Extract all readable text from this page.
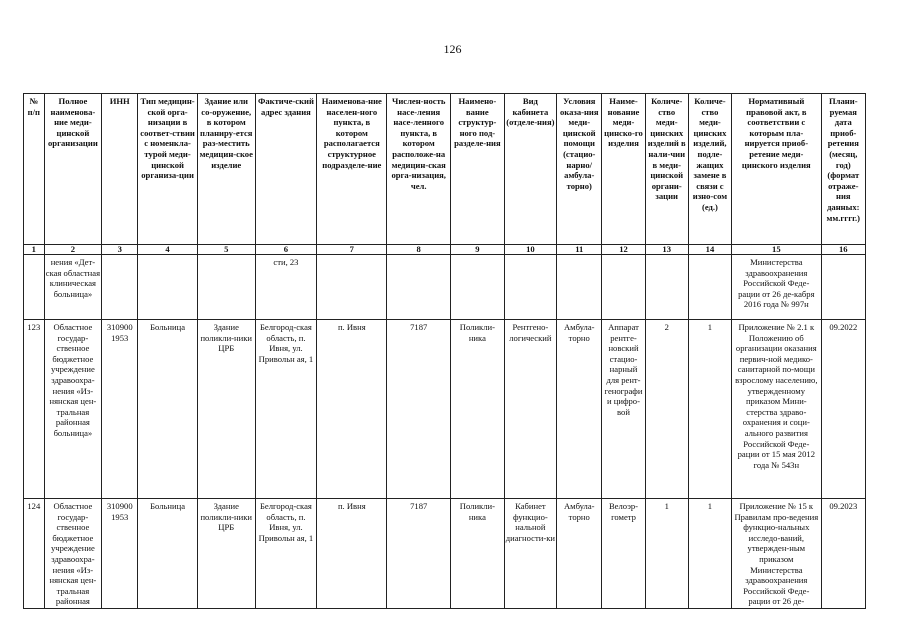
126
№ п/п	Полное наименова-ние меди-цинской организации	ИНН	Тип медицин-ской орга-низации в соответ-ствии с номенкла-турой меди-цинской организа-ции	Здание или со-оружение, в котором планиру-ется раз-местить медицин-ское изделие	Фактиче-ский адрес здания	Наименова-ние населен-ного пункта, в котором располагается структурное подразделе-ние	Числен-ность насе-ления насе-ленного пункта, в котором расположе-на медицин-ская орга-низация, чел.	Наимено-вание структур-ного под-разделе-ния	Вид кабинета (отделе-ния)	Условия оказа-ния меди-цинской помощи (стацио-нарно/ амбула-торно)	Наиме-нование меди-цинско-го изделия	Количе-ство меди-цинских изделий в нали-чии в меди-цинской органи-зации	Количе-ство меди-цинских изделий, подле-жащих замене в связи с изно-сом (ед.)	Нормативный правовой акт, в соответствии с которым пла-нируется приоб-ретение меди-цинского изделия	Плани-руемая дата приоб-ретения (месяц, год) (формат отраже-ния данных: мм.гггг.)
1	2	3	4	5	6	7	8	9	10	11	12	13	14	15	16
	нения «Дет-ская областная клиническая больница»				сти, 23									Министерства здравоохранения Российской Феде-рации от 26 де-кабря 2016 года № 997н	
123	Областное государ-ственное бюджетное учреждение здравоохра-нения «Из-нянская цен-тральная районная больница»	310900 1953	Больница	Здание поликли-ники ЦРБ	Белгород-ская область, п. Ивня, ул. Привольн ая, 1	п. Ивня	7187	Поликли-ника	Рентгено-логический	Амбула-торно	Аппарат рентге-новский стацио-нарный для рент-генографии цифро-вой	2	1	Приложение № 2.1 к Положению об организации оказания первич-ной медико-санитарной по-мощи взрослому населению, утвержденному приказом Мини-стерства здраво-охранения и соци-ального развития Российской Феде-рации от 15 мая 2012 года № 543н	09.2022
124	Областное государ-ственное бюджетное учреждение здравоохра-нения «Из-нянская цен-тральная районная	310900 1953	Больница	Здание поликли-ники ЦРБ	Белгород-ская область, п. Ивня, ул. Привольн ая, 1	п. Ивня	7187	Поликли-ника	Кабинет функцио-нальной диагности-ки	Амбула-торно	Велоэр-гометр	1	1	Приложение № 15 к Правилам про-ведения функцио-нальных исследо-ваний, утвержден-ным приказом Министерства здравоохранения Российской Феде-рации от 26 де-	09.2023
